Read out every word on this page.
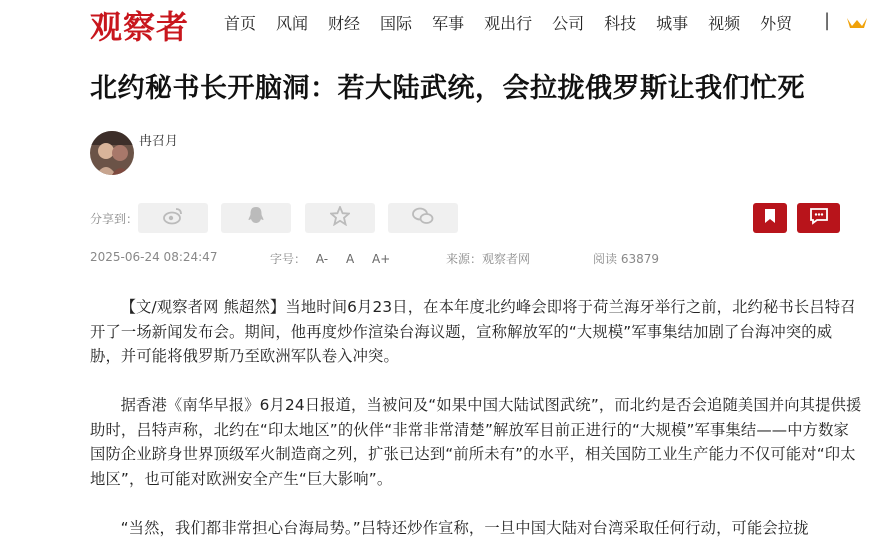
观察者 首页 风闻 财经 国际 军事 观出行 公司 科技 城事 视频 外贸 |
北约秘书长开脑洞：若大陆武统，会拉拢俄罗斯让我们忙死
冉召月
分享到：
2025-06-24 08:24:47	字号： A- A A+	来源：观察者网	阅读 63879

【文/观察者网 熊超然】当地时间6月23日，在本年度北约峰会即将于荷兰海牙举行之前，北约秘书长吕特召开了一场新闻发布会。期间，他再度炒作渲染台海议题，宣称解放军的“大规模”军事集结加剧了台海冲突的威胁，并可能将俄罗斯乃至欧洲军队卷入冲突。

据香港《南华早报》6月24日报道，当被问及“如果中国大陆试图武统”，而北约是否会追随美国并向其提供援助时，吕特声称，北约在“印太地区”的伙伴“非常非常清楚”解放军目前正进行的“大规模”军事集结——中方数家国防企业跻身世界顶级军火制造商之列，扩张已达到“前所未有”的水平，相关国防工业生产能力不仅可能对“印太地区”，也可能对欧洲安全产生“巨大影响”。

“当然，我们都非常担心台海局势。”吕特还炒作宣称，一旦中国大陆对台湾采取任何行动，可能会拉拢
